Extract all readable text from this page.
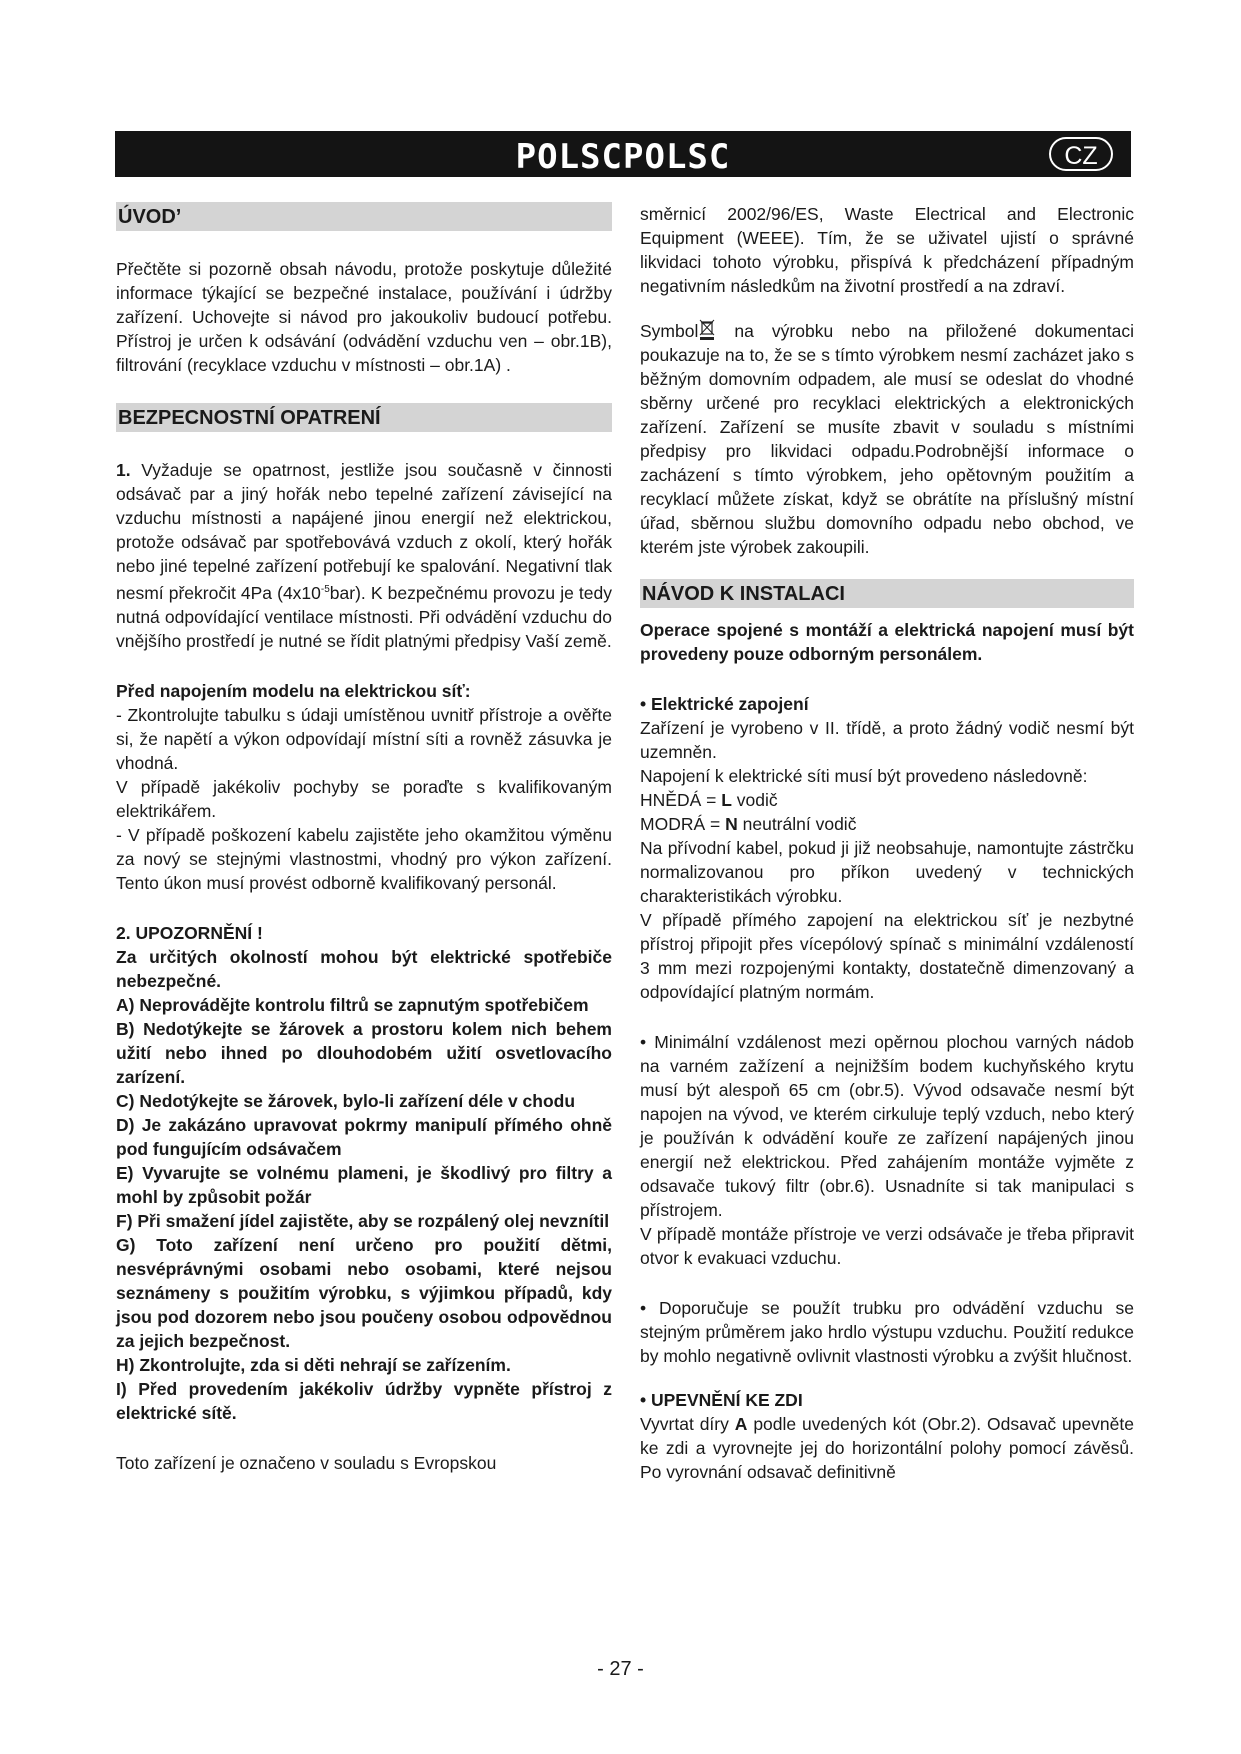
POLSCPOLSC	CZ
ÚVOD’

Přečtěte si pozorně obsah návodu, protože poskytuje důležité informace týkající se bezpečné instalace, používání i údržby zařízení. Uchovejte si návod pro jakoukoliv budoucí potřebu. Přístroj je určen k odsávání (odvádění vzduchu ven – obr.1B), filtrování (recyklace vzduchu v místnosti – obr.1A) .

BEZPECNOSTNÍ OPATRENÍ

1. Vyžaduje se opatrnost, jestliže jsou současně v činnosti odsávač par a jiný hořák nebo tepelné zařízení závisející na vzduchu místnosti a napájené jinou energií než elektrickou, protože odsávač par spotřebovává vzduch z okolí, který hořák nebo jiné tepelné zařízení potřebují ke spalování. Negativní tlak nesmí překročit 4Pa $(4x10^{-5}bar)$. K bezpečnému provozu je tedy nutná odpovídající ventilace místnosti. Při odvádění vzduchu do vnějšího prostředí je nutné se řídit platnými předpisy Vaší země.

Před napojením modelu na elektrickou síť:

- Zkontrolujte tabulku s údaji umístěnou uvnitř přístroje a ověřte si, že napětí a výkon odpovídají místní síti a rovněž zásuvka je vhodná.

V případě jakékoliv pochyby se poraďte s kvalifikovaným elektrikářem.

- V případě poškození kabelu zajistěte jeho okamžitou výměnu za nový se stejnými vlastnostmi, vhodný pro výkon zařízení. Tento úkon musí provést odborně kvalifikovaný personál.

2. UPOZORNĚNÍ !

Za určitých okolností mohou být elektrické spotřebiče nebezpečné.

A) Neprovádějte kontrolu filtrů se zapnutým spotřebičem

B) Nedotýkejte se žárovek a prostoru kolem nich behem užití nebo ihned po dlouhodobém užití osvetlovacího zarízení.

C) Nedotýkejte se žárovek, bylo-li zařízení déle v chodu

D) Je zakázáno upravovat pokrmy manipulí přímého ohně pod fungujícím odsávačem

E) Vyvarujte se volnému plameni, je škodlivý pro filtry a mohl by způsobit požár

F) Při smažení jídel zajistěte, aby se rozpálený olej nevznítil

G) Toto zařízení není určeno pro použití dětmi, nesvéprávnými osobami nebo osobami, které nejsou seznámeny s použitím výrobku, s výjimkou případů, kdy jsou pod dozorem nebo jsou poučeny osobou odpovědnou za jejich bezpečnost.

H) Zkontrolujte, zda si děti nehrají se zařízením.

I) Před provedením jakékoliv údržby vypněte přístroj z elektrické sítě.

Toto zařízení je označeno v souladu s Evropskou

směrnicí 2002/96/ES, Waste Electrical and Electronic Equipment (WEEE). Tím, že se uživatel ujistí o správné likvidaci tohoto výrobku, přispívá k předcházení případným negativním následkům na životní prostředí a na zdraví.

Symbol na výrobku nebo na přiložené dokumentaci poukazuje na to, že se s tímto výrobkem nesmí zacházet jako s běžným domovním odpadem, ale musí se odeslat do vhodné sběrny určené pro recyklaci elektrických a elektronických zařízení. Zařízení se musíte zbavit v souladu s místními předpisy pro likvidaci odpadu.Podrobnější informace o zacházení s tímto výrobkem, jeho opětovným použitím a recyklací můžete získat, když se obrátíte na příslušný místní úřad, sběrnou službu domovního odpadu nebo obchod, ve kterém jste výrobek zakoupili.

NÁVOD K INSTALACI

Operace spojené s montáží a elektrická napojení musí být provedeny pouze odborným personálem.

• Elektrické zapojení

Zařízení je vyrobeno v II. třídě, a proto žádný vodič nesmí být uzemněn.

Napojení k elektrické síti musí být provedeno následovně:

HNĚDÁ = L vodič

MODRÁ = N neutrální vodič

Na přívodní kabel, pokud ji již neobsahuje, namontujte zástrčku normalizovanou pro příkon uvedený v technických charakteristikách výrobku.

V případě přímého zapojení na elektrickou síť je nezbytné přístroj připojit přes vícepólový spínač s minimální vzdáleností 3 mm mezi rozpojenými kontakty, dostatečně dimenzovaný a odpovídající platným normám.

• Minimální vzdálenost mezi opěrnou plochou varných nádob na varném zažízení a nejnižším bodem kuchyňského krytu musí být alespoň 65 cm (obr.5). Vývod odsavače nesmí být napojen na vývod, ve kterém cirkuluje teplý vzduch, nebo který je používán k odvádění kouře ze zařízení napájených jinou energií než elektrickou. Před zahájením montáže vyjměte z odsavače tukový filtr (obr.6). Usnadníte si tak manipulaci s přístrojem.

V případě montáže přístroje ve verzi odsávače je třeba připravit otvor k evakuaci vzduchu.

• Doporučuje se použít trubku pro odvádění vzduchu se stejným průměrem jako hrdlo výstupu vzduchu. Použití redukce by mohlo negativně ovlivnit vlastnosti výrobku a zvýšit hlučnost.

• UPEVNĚNÍ KE ZDI

Vyvrtat díry A podle uvedených kót (Obr.2). Odsavač upevněte ke zdi a vyrovnejte jej do horizontální polohy pomocí závěsů. Po vyrovnání odsavač definitivně

- 27 -
